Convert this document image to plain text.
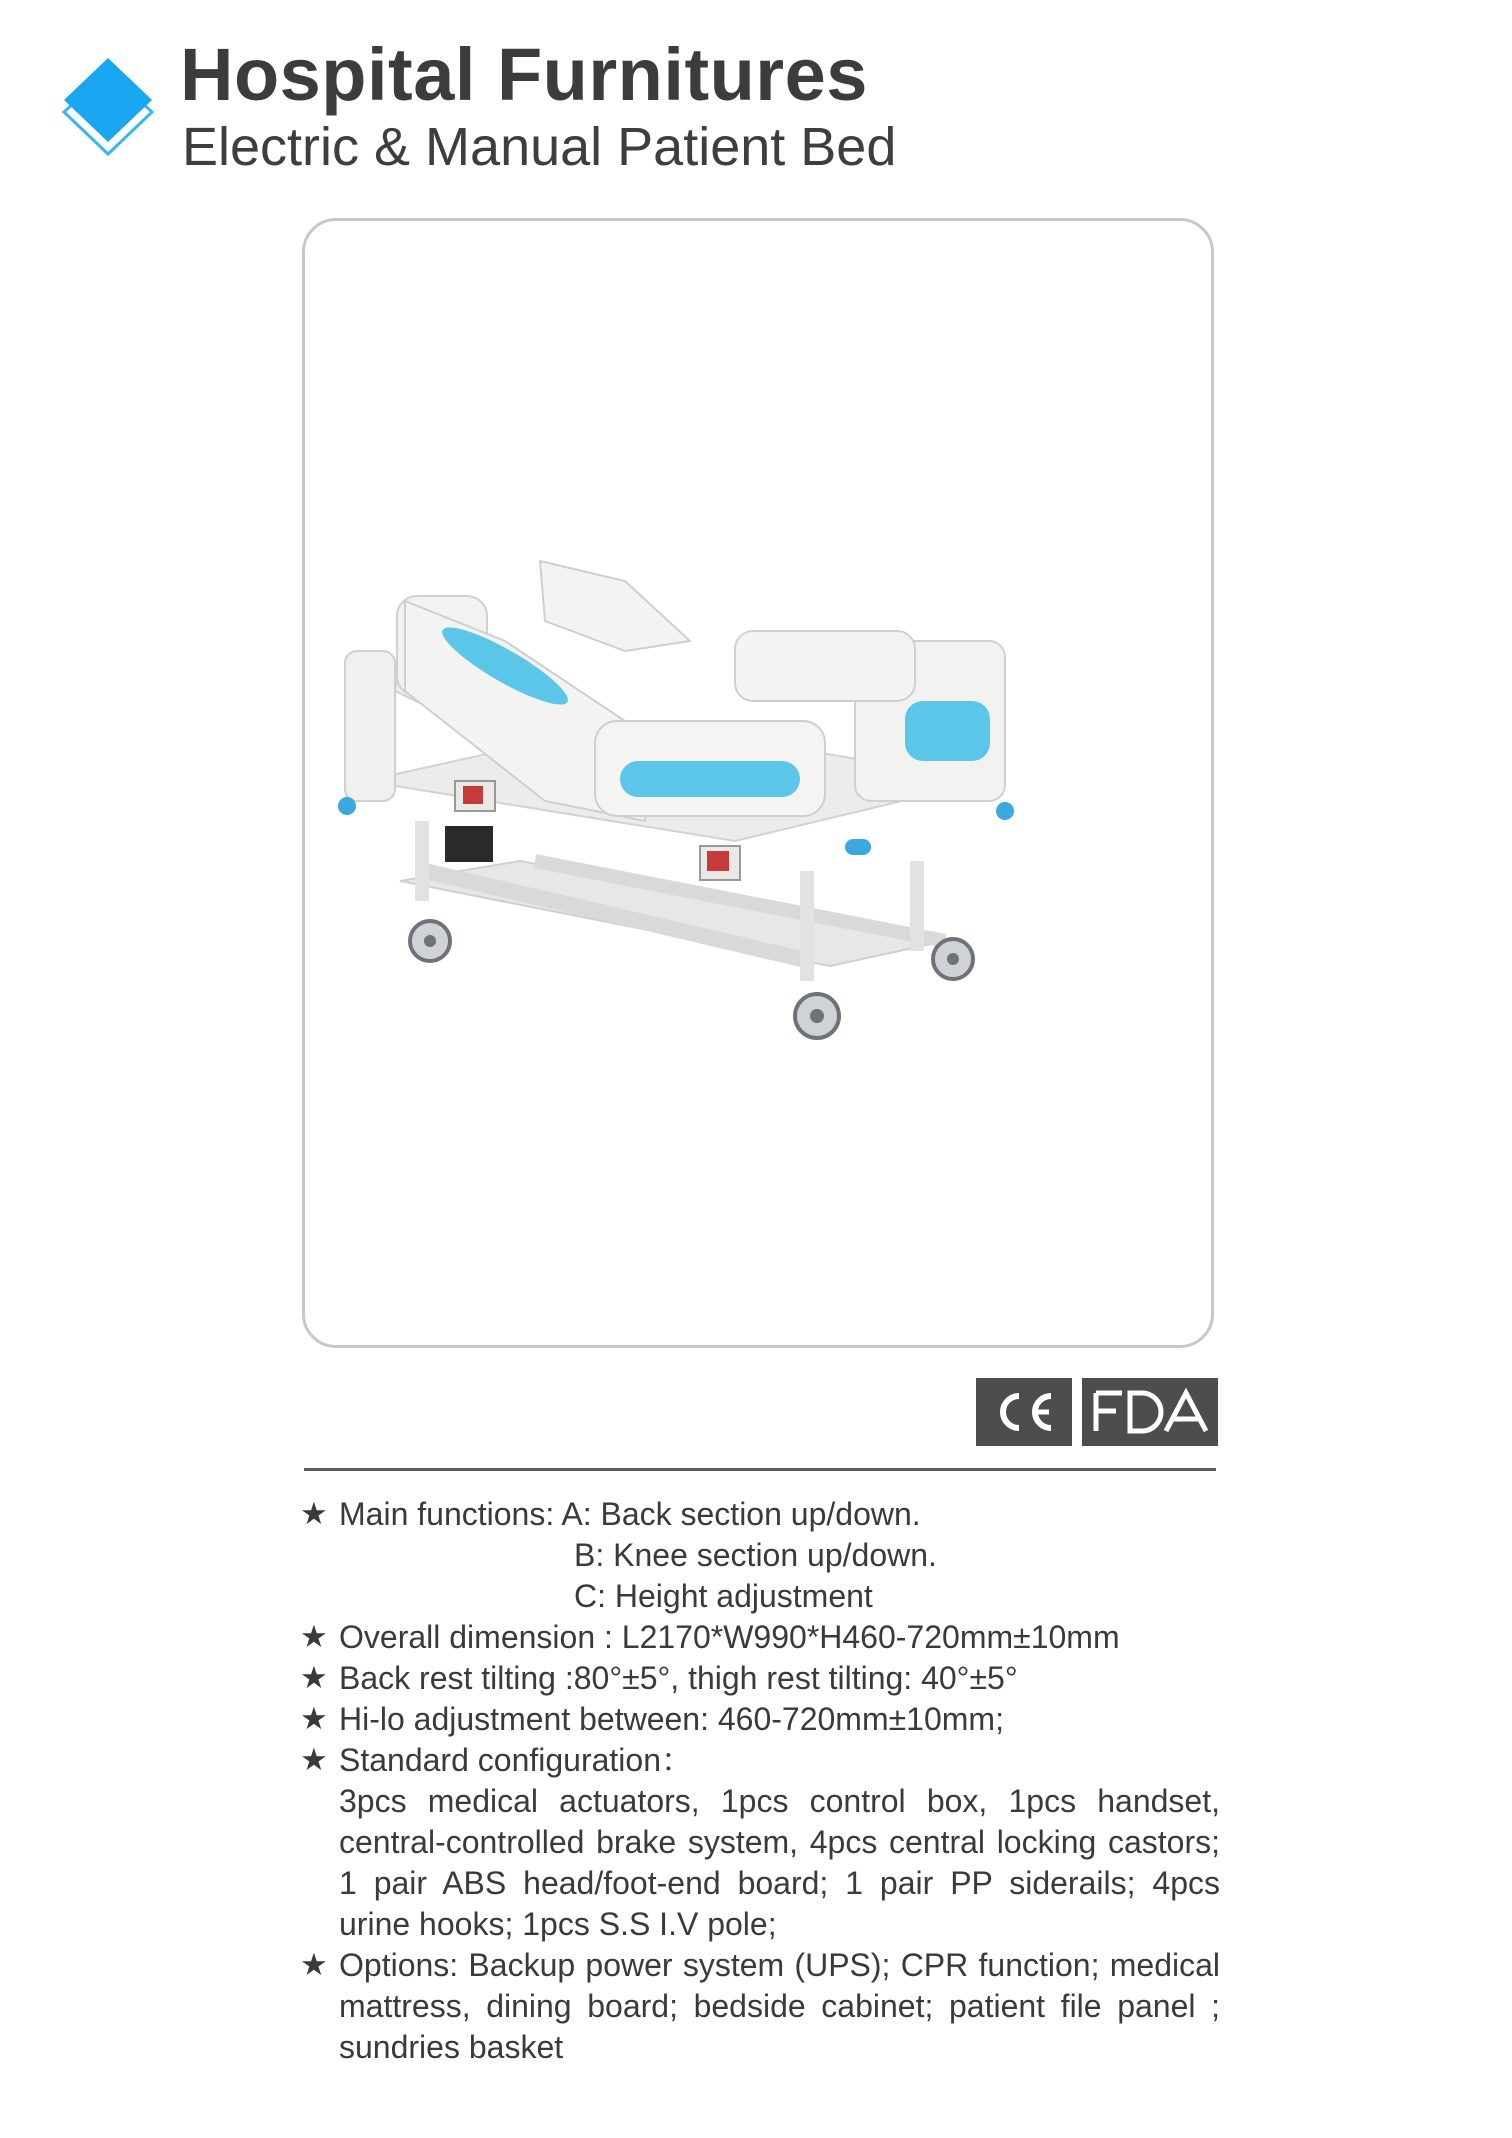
Hospital Furnitures
Electric & Manual Patient Bed
★ Main functions: A: Back section up/down.
B: Knee section up/down.
C: Height adjustment
★ Overall dimension : L2170*W990*H460-720mm±10mm
★ Back rest tilting :80°±5°, thigh rest tilting: 40°±5°
★ Hi-lo adjustment between: 460-720mm±10mm;
★ Standard configuration：
3pcs medical actuators, 1pcs control box, 1pcs handset, central-controlled brake system, 4pcs central locking castors; 1 pair ABS head/foot-end board; 1 pair PP siderails; 4pcs urine hooks; 1pcs S.S I.V pole;
★ Options: Backup power system (UPS); CPR function; medical mattress, dining board; bedside cabinet; patient file panel ; sundries basket
